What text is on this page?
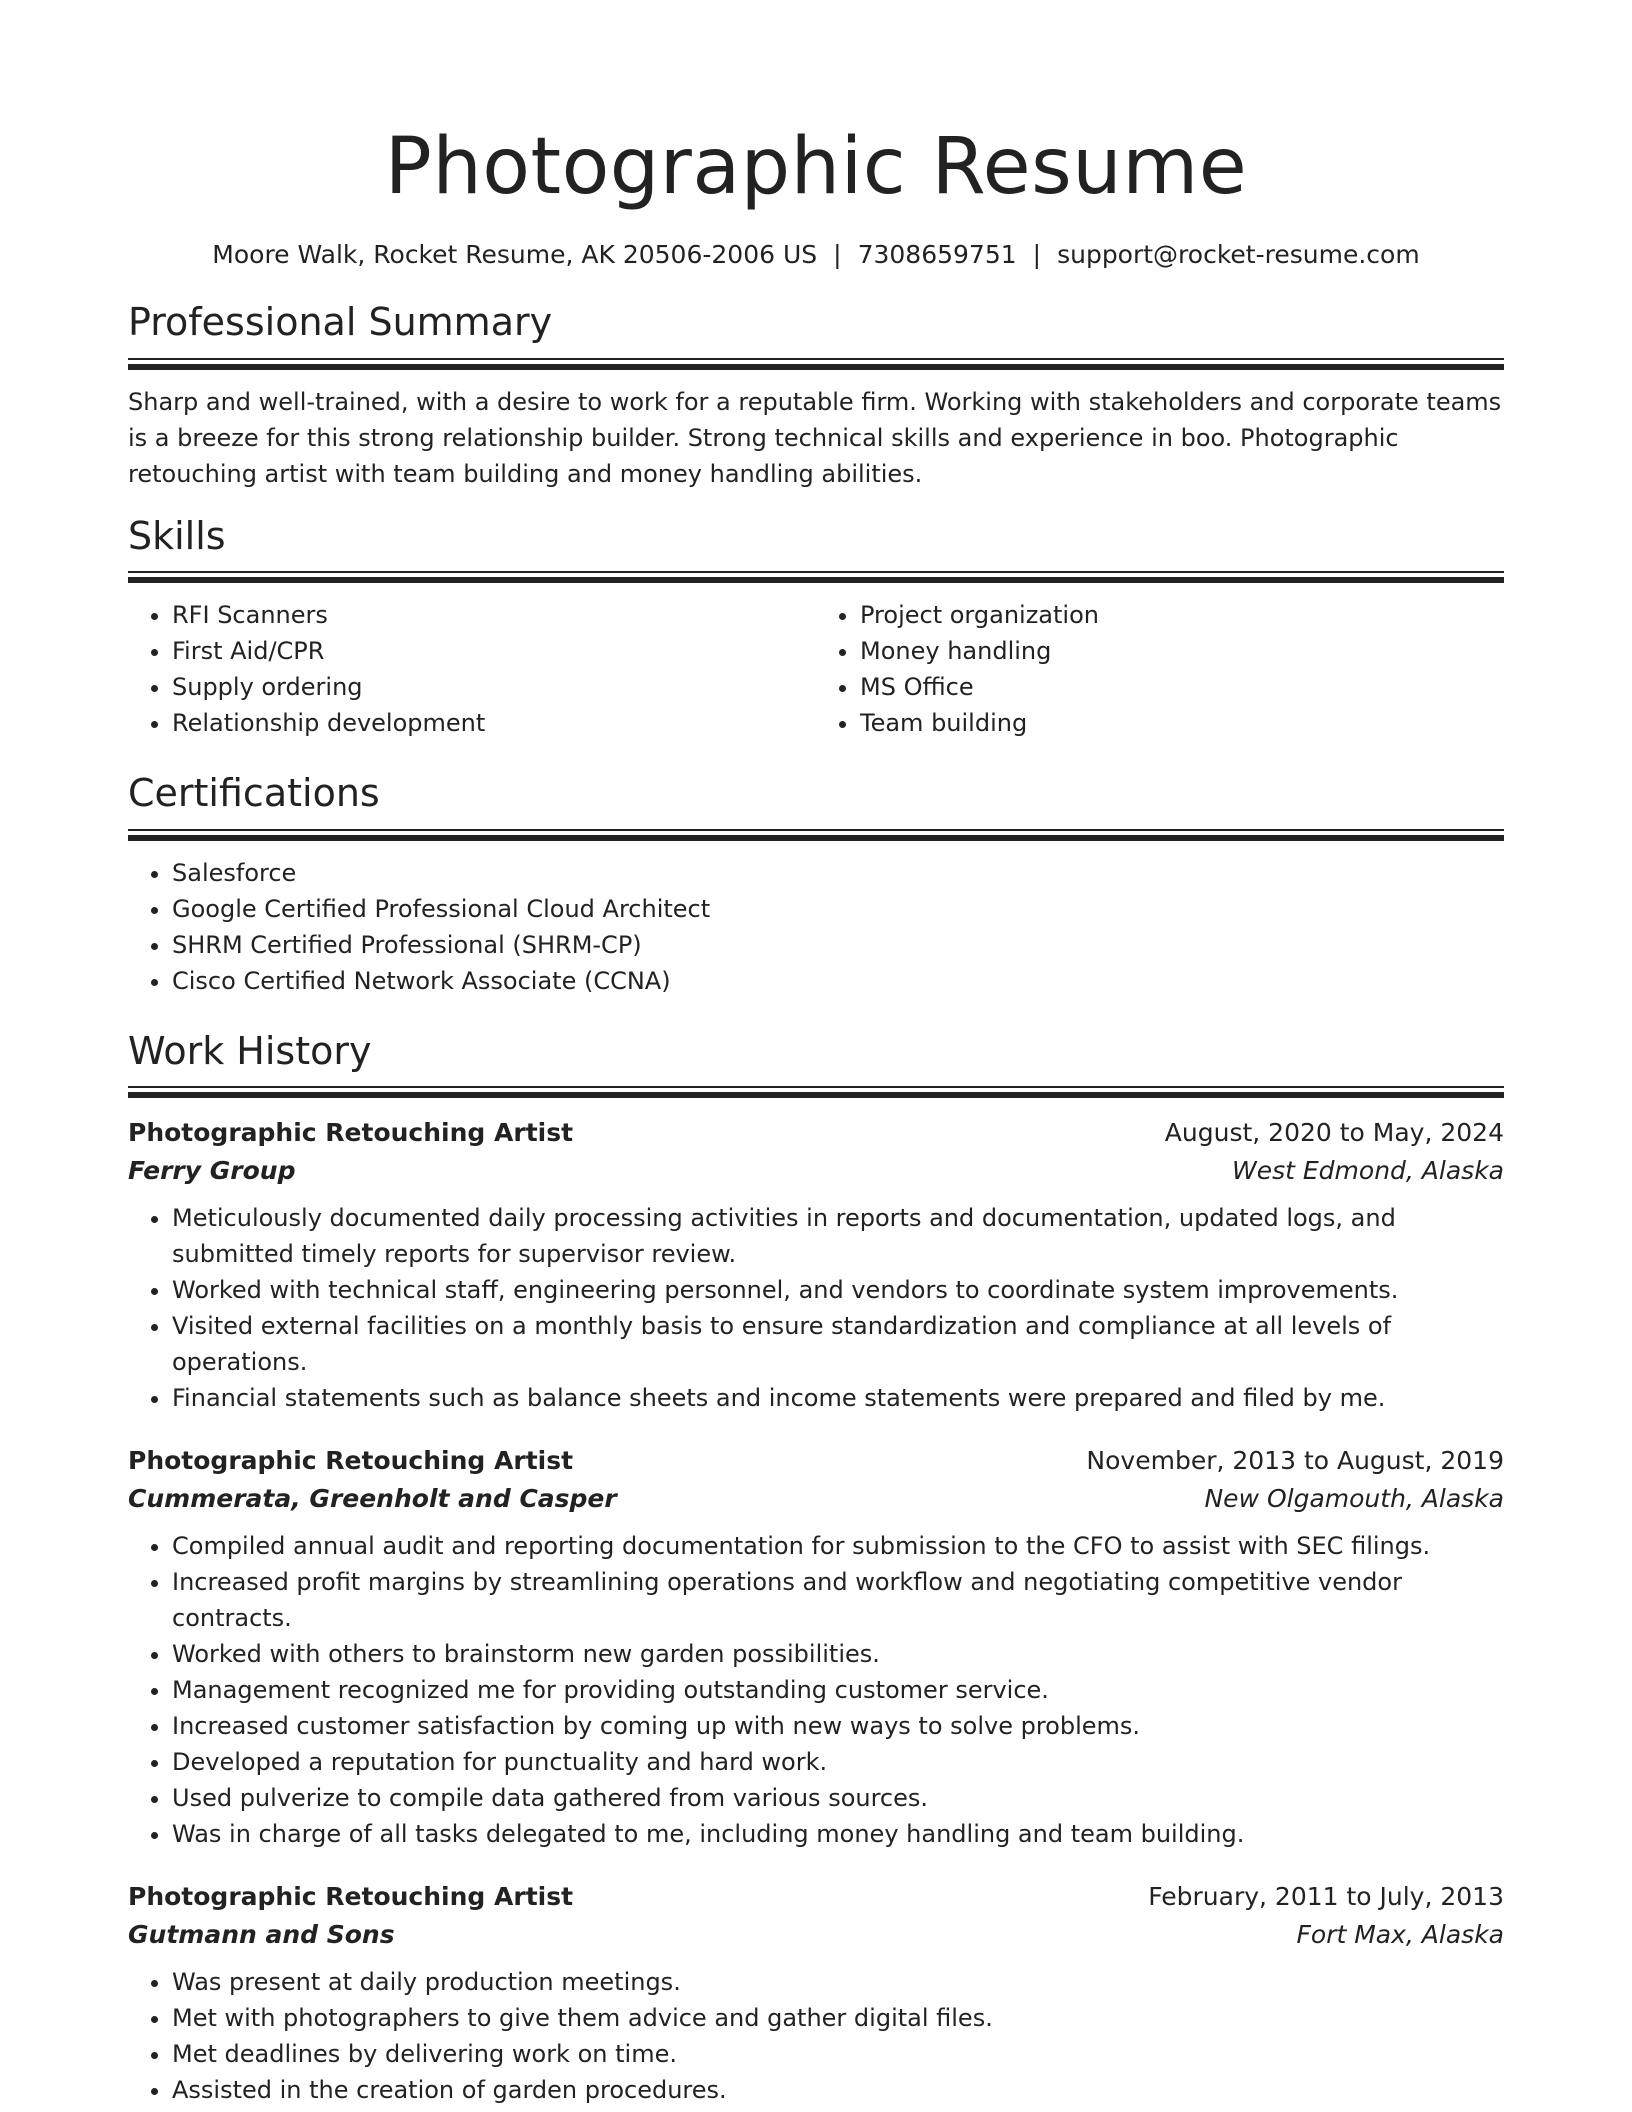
Photographic Resume
Moore Walk, Rocket Resume, AK 20506-2006 US | 7308659751 | support@rocket-resume.com
Professional Summary

Sharp and well-trained, with a desire to work for a reputable firm. Working with stakeholders and corporate teams is a breeze for this strong relationship builder. Strong technical skills and experience in boo. Photographic retouching artist with team building and money handling abilities.

Skills
• RFI Scanners
• First Aid/CPR
• Supply ordering
• Relationship development
• Project organization
• Money handling
• MS Office
• Team building
Certifications
• Salesforce
• Google Certified Professional Cloud Architect
• SHRM Certified Professional (SHRM-CP)
• Cisco Certified Network Associate (CCNA)
Work History
Photographic Retouching Artist	August, 2020 to May, 2024
Ferry Group	West Edmond, Alaska
• Meticulously documented daily processing activities in reports and documentation, updated logs, and submitted timely reports for supervisor review.
• Worked with technical staff, engineering personnel, and vendors to coordinate system improvements.
• Visited external facilities on a monthly basis to ensure standardization and compliance at all levels of operations.
• Financial statements such as balance sheets and income statements were prepared and filed by me.
Photographic Retouching Artist	November, 2013 to August, 2019
Cummerata, Greenholt and Casper	New Olgamouth, Alaska
• Compiled annual audit and reporting documentation for submission to the CFO to assist with SEC filings.
• Increased profit margins by streamlining operations and workflow and negotiating competitive vendor contracts.
• Worked with others to brainstorm new garden possibilities.
• Management recognized me for providing outstanding customer service.
• Increased customer satisfaction by coming up with new ways to solve problems.
• Developed a reputation for punctuality and hard work.
• Used pulverize to compile data gathered from various sources.
• Was in charge of all tasks delegated to me, including money handling and team building.
Photographic Retouching Artist	February, 2011 to July, 2013
Gutmann and Sons	Fort Max, Alaska
• Was present at daily production meetings.
• Met with photographers to give them advice and gather digital files.
• Met deadlines by delivering work on time.
• Assisted in the creation of garden procedures.
